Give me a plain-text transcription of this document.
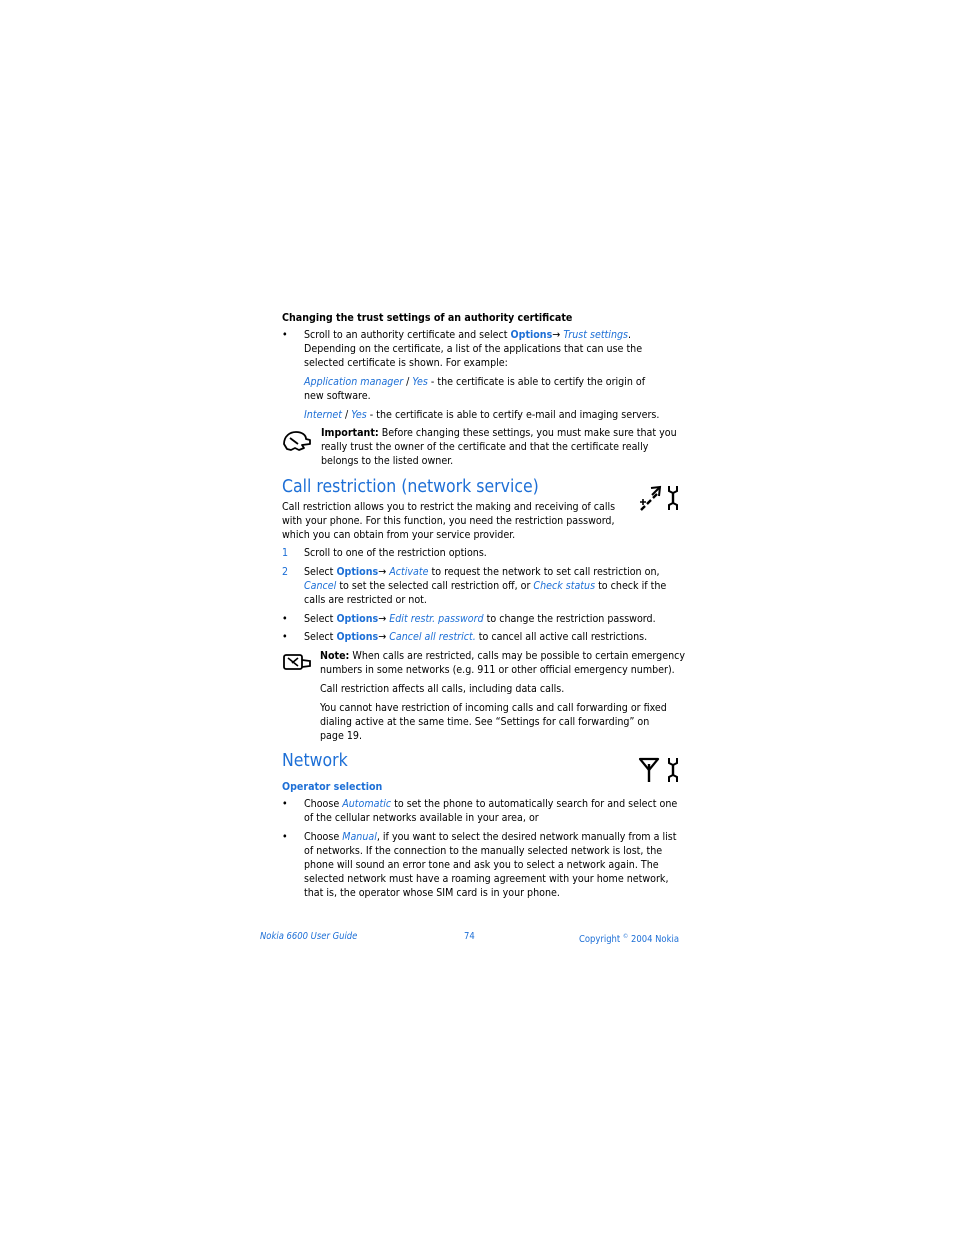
Changing the trust settings of an authority certificate
• Scroll to an authority certificate and select Options→ Trust settings.
Depending on the certificate, a list of the applications that can use the
selected certificate is shown. For example:
Application manager / Yes - the certificate is able to certify the origin of
new software.
Internet / Yes - the certificate is able to certify e-mail and imaging servers.
Important: Before changing these settings, you must make sure that you
really trust the owner of the certificate and that the certificate really
belongs to the listed owner.
Call restriction (network service)
Call restriction allows you to restrict the making and receiving of calls
with your phone. For this function, you need the restriction password,
which you can obtain from your service provider.
1 Scroll to one of the restriction options.
2 Select Options→ Activate to request the network to set call restriction on,
Cancel to set the selected call restriction off, or Check status to check if the
calls are restricted or not.
• Select Options→ Edit restr. password to change the restriction password.
• Select Options→ Cancel all restrict. to cancel all active call restrictions.
Note: When calls are restricted, calls may be possible to certain emergency
numbers in some networks (e.g. 911 or other official emergency number).
Call restriction affects all calls, including data calls.
You cannot have restriction of incoming calls and call forwarding or fixed
dialing active at the same time. See “Settings for call forwarding” on
page 19.
Network
Operator selection
• Choose Automatic to set the phone to automatically search for and select one
of the cellular networks available in your area, or
• Choose Manual, if you want to select the desired network manually from a list
of networks. If the connection to the manually selected network is lost, the
phone will sound an error tone and ask you to select a network again. The
selected network must have a roaming agreement with your home network,
that is, the operator whose SIM card is in your phone.
Nokia 6600 User Guide	74	Copyright © 2004 Nokia
